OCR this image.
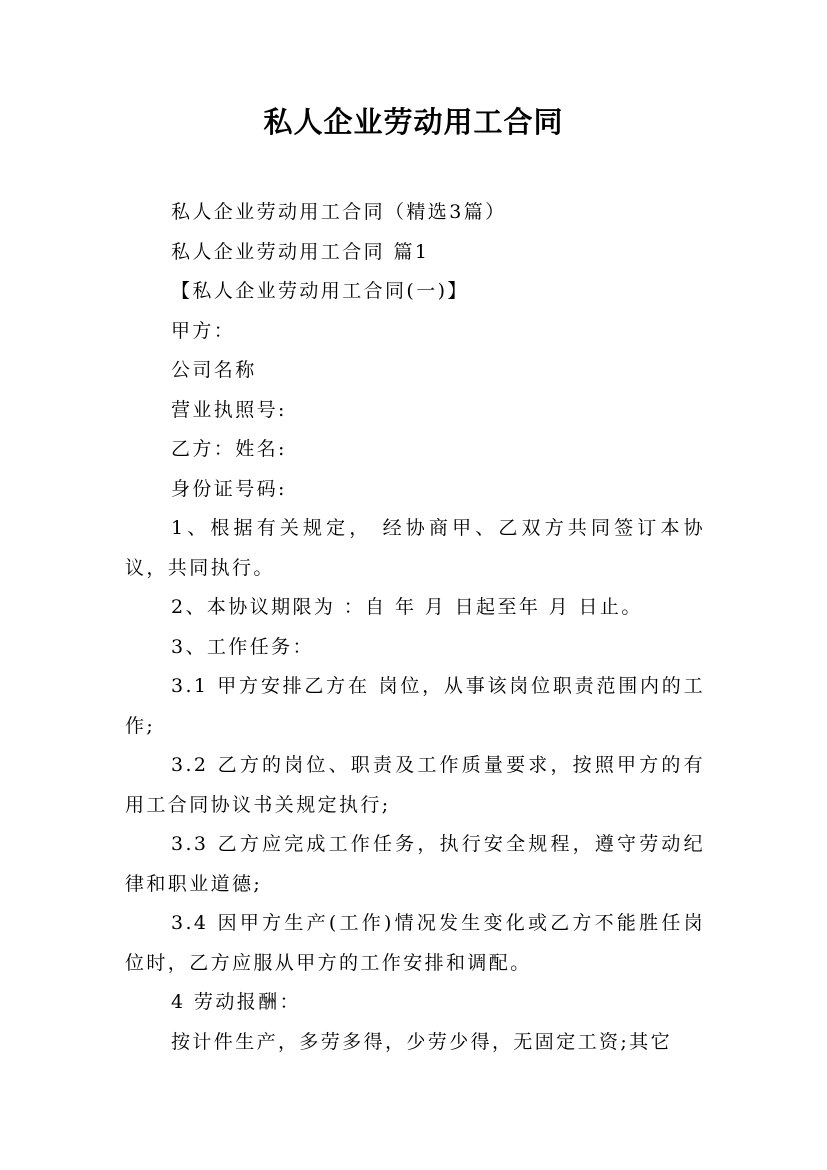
私人企业劳动用工合同

私人企业劳动用工合同（精选3篇）

私人企业劳动用工合同 篇1

【私人企业劳动用工合同(一)】

甲方：

公司名称

营业执照号:

乙方：姓名:

身份证号码:

1、根据有关规定， 经协商甲、乙双方共同签订本协议，共同执行。

2、本协议期限为 ：自 年 月 日起至年 月 日止。

3、工作任务：

3.1 甲方安排乙方在 岗位，从事该岗位职责范围内的工作;

3.2 乙方的岗位、职责及工作质量要求，按照甲方的有用工合同协议书关规定执行;

3.3 乙方应完成工作任务，执行安全规程，遵守劳动纪律和职业道德;

3.4 因甲方生产(工作)情况发生变化或乙方不能胜任岗位时，乙方应服从甲方的工作安排和调配。

4 劳动报酬：

按计件生产，多劳多得，少劳少得，无固定工资;其它
